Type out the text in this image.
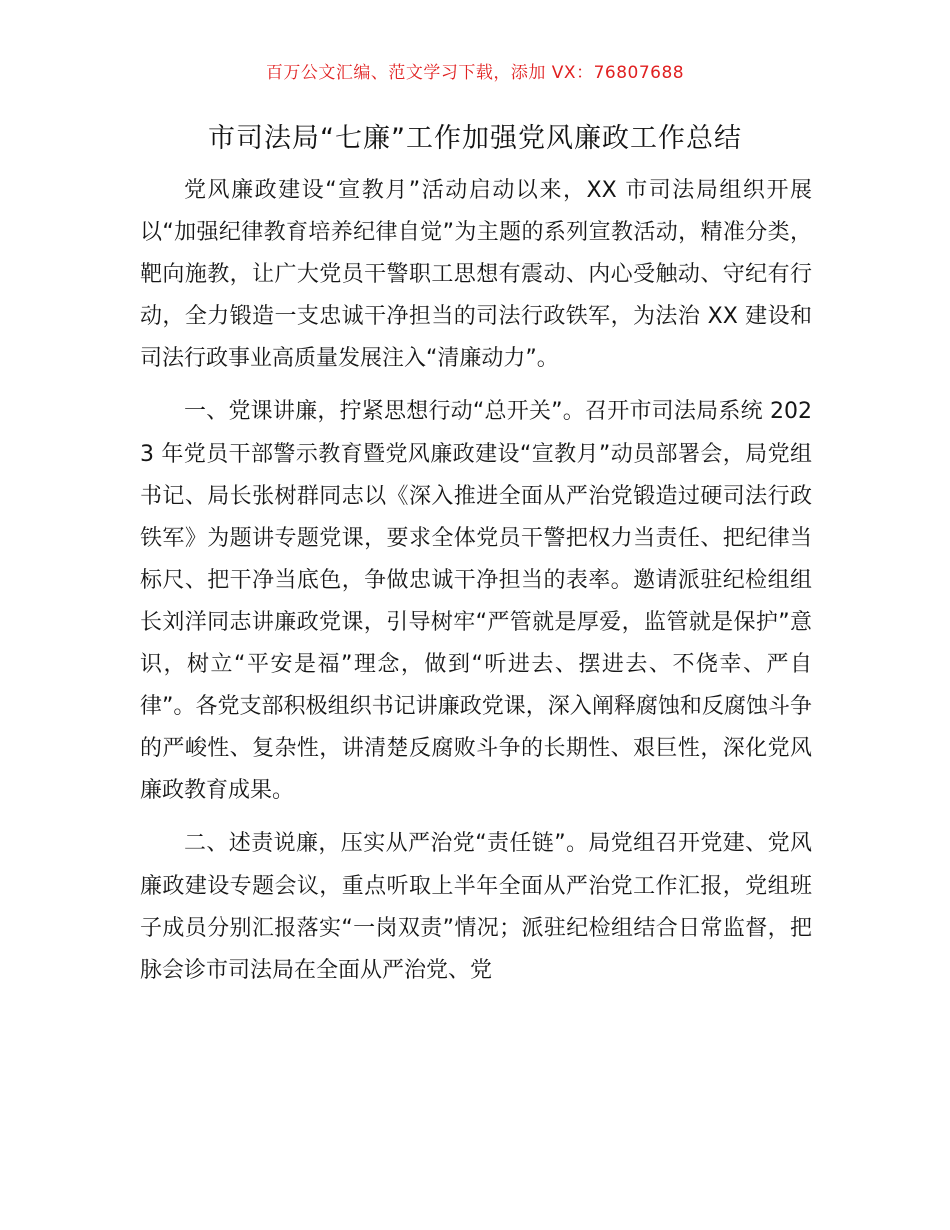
百万公文汇编、范文学习下载，添加 VX：76807688
市司法局“七廉”工作加强党风廉政工作总结

党风廉政建设“宣教月”活动启动以来，XX 市司法局组织开展以“加强纪律教育培养纪律自觉”为主题的系列宣教活动，精准分类，靶向施教，让广大党员干警职工思想有震动、内心受触动、守纪有行动，全力锻造一支忠诚干净担当的司法行政铁军，为法治 XX 建设和司法行政事业高质量发展注入“清廉动力”。

一、党课讲廉，拧紧思想行动“总开关”。召开市司法局系统 2023 年党员干部警示教育暨党风廉政建设“宣教月”动员部署会，局党组书记、局长张树群同志以《深入推进全面从严治党锻造过硬司法行政铁军》为题讲专题党课，要求全体党员干警把权力当责任、把纪律当标尺、把干净当底色，争做忠诚干净担当的表率。邀请派驻纪检组组长刘洋同志讲廉政党课，引导树牢“严管就是厚爱，监管就是保护”意识，树立“平安是福”理念，做到“听进去、摆进去、不侥幸、严自律”。各党支部积极组织书记讲廉政党课，深入阐释腐蚀和反腐蚀斗争的严峻性、复杂性，讲清楚反腐败斗争的长期性、艰巨性，深化党风廉政教育成果。

二、述责说廉，压实从严治党“责任链”。局党组召开党建、党风廉政建设专题会议，重点听取上半年全面从严治党工作汇报，党组班子成员分别汇报落实“一岗双责”情况；派驻纪检组结合日常监督，把脉会诊市司法局在全面从严治党、党
